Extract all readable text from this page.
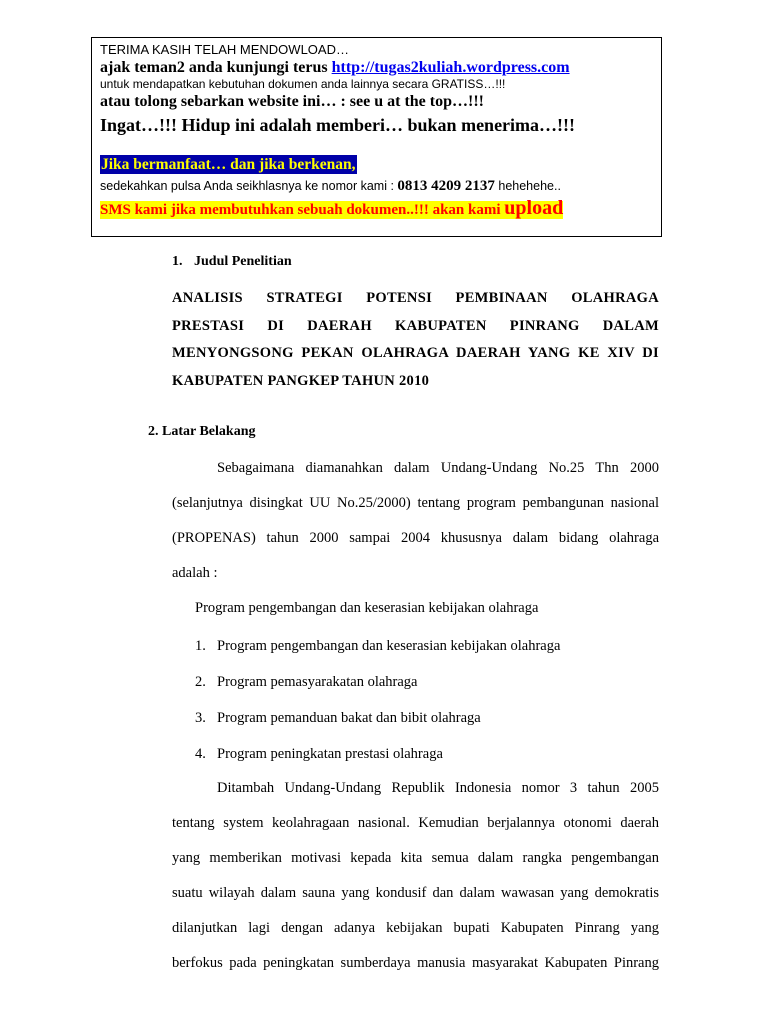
TERIMA KASIH TELAH MENDOWLOAD…
ajak teman2 anda kunjungi terus http://tugas2kuliah.wordpress.com
untuk mendapatkan kebutuhan dokumen anda lainnya secara GRATISS…!!!
atau tolong sebarkan website ini… : see u at the top…!!!
Ingat…!!! Hidup ini adalah memberi… bukan menerima…!!!
Jika bermanfaat… dan jika berkenan,
sedekahkan pulsa Anda seikhlasnya ke nomor kami : 0813 4209 2137 hehehehe..
SMS kami jika membutuhkan sebuah dokumen..!!! akan kami upload
1. Judul Penelitian
ANALISIS STRATEGI POTENSI PEMBINAAN OLAHRAGA
PRESTASI DI DAERAH KABUPATEN PINRANG DALAM
MENYONGSONG PEKAN OLAHRAGA DAERAH YANG KE XIV DI
KABUPATEN PANGKEP TAHUN 2010
2. Latar Belakang
Sebagaimana diamanahkan dalam Undang-Undang No.25 Thn 2000
(selanjutnya disingkat UU No.25/2000) tentang program pembangunan nasional
(PROPENAS) tahun 2000 sampai 2004 khususnya dalam bidang olahraga
adalah :
Program pengembangan dan keserasian kebijakan olahraga
1. Program pengembangan dan keserasian kebijakan olahraga
2. Program pemasyarakatan olahraga
3. Program pemanduan bakat dan bibit olahraga
4. Program peningkatan prestasi olahraga
Ditambah Undang-Undang Republik Indonesia nomor 3 tahun 2005
tentang system keolahragaan nasional. Kemudian berjalannya otonomi daerah
yang memberikan motivasi kepada kita semua dalam rangka pengembangan
suatu wilayah dalam sauna yang kondusif dan dalam wawasan yang demokratis
dilanjutkan lagi dengan adanya kebijakan bupati Kabupaten Pinrang yang
berfokus pada peningkatan sumberdaya manusia masyarakat Kabupaten Pinrang
